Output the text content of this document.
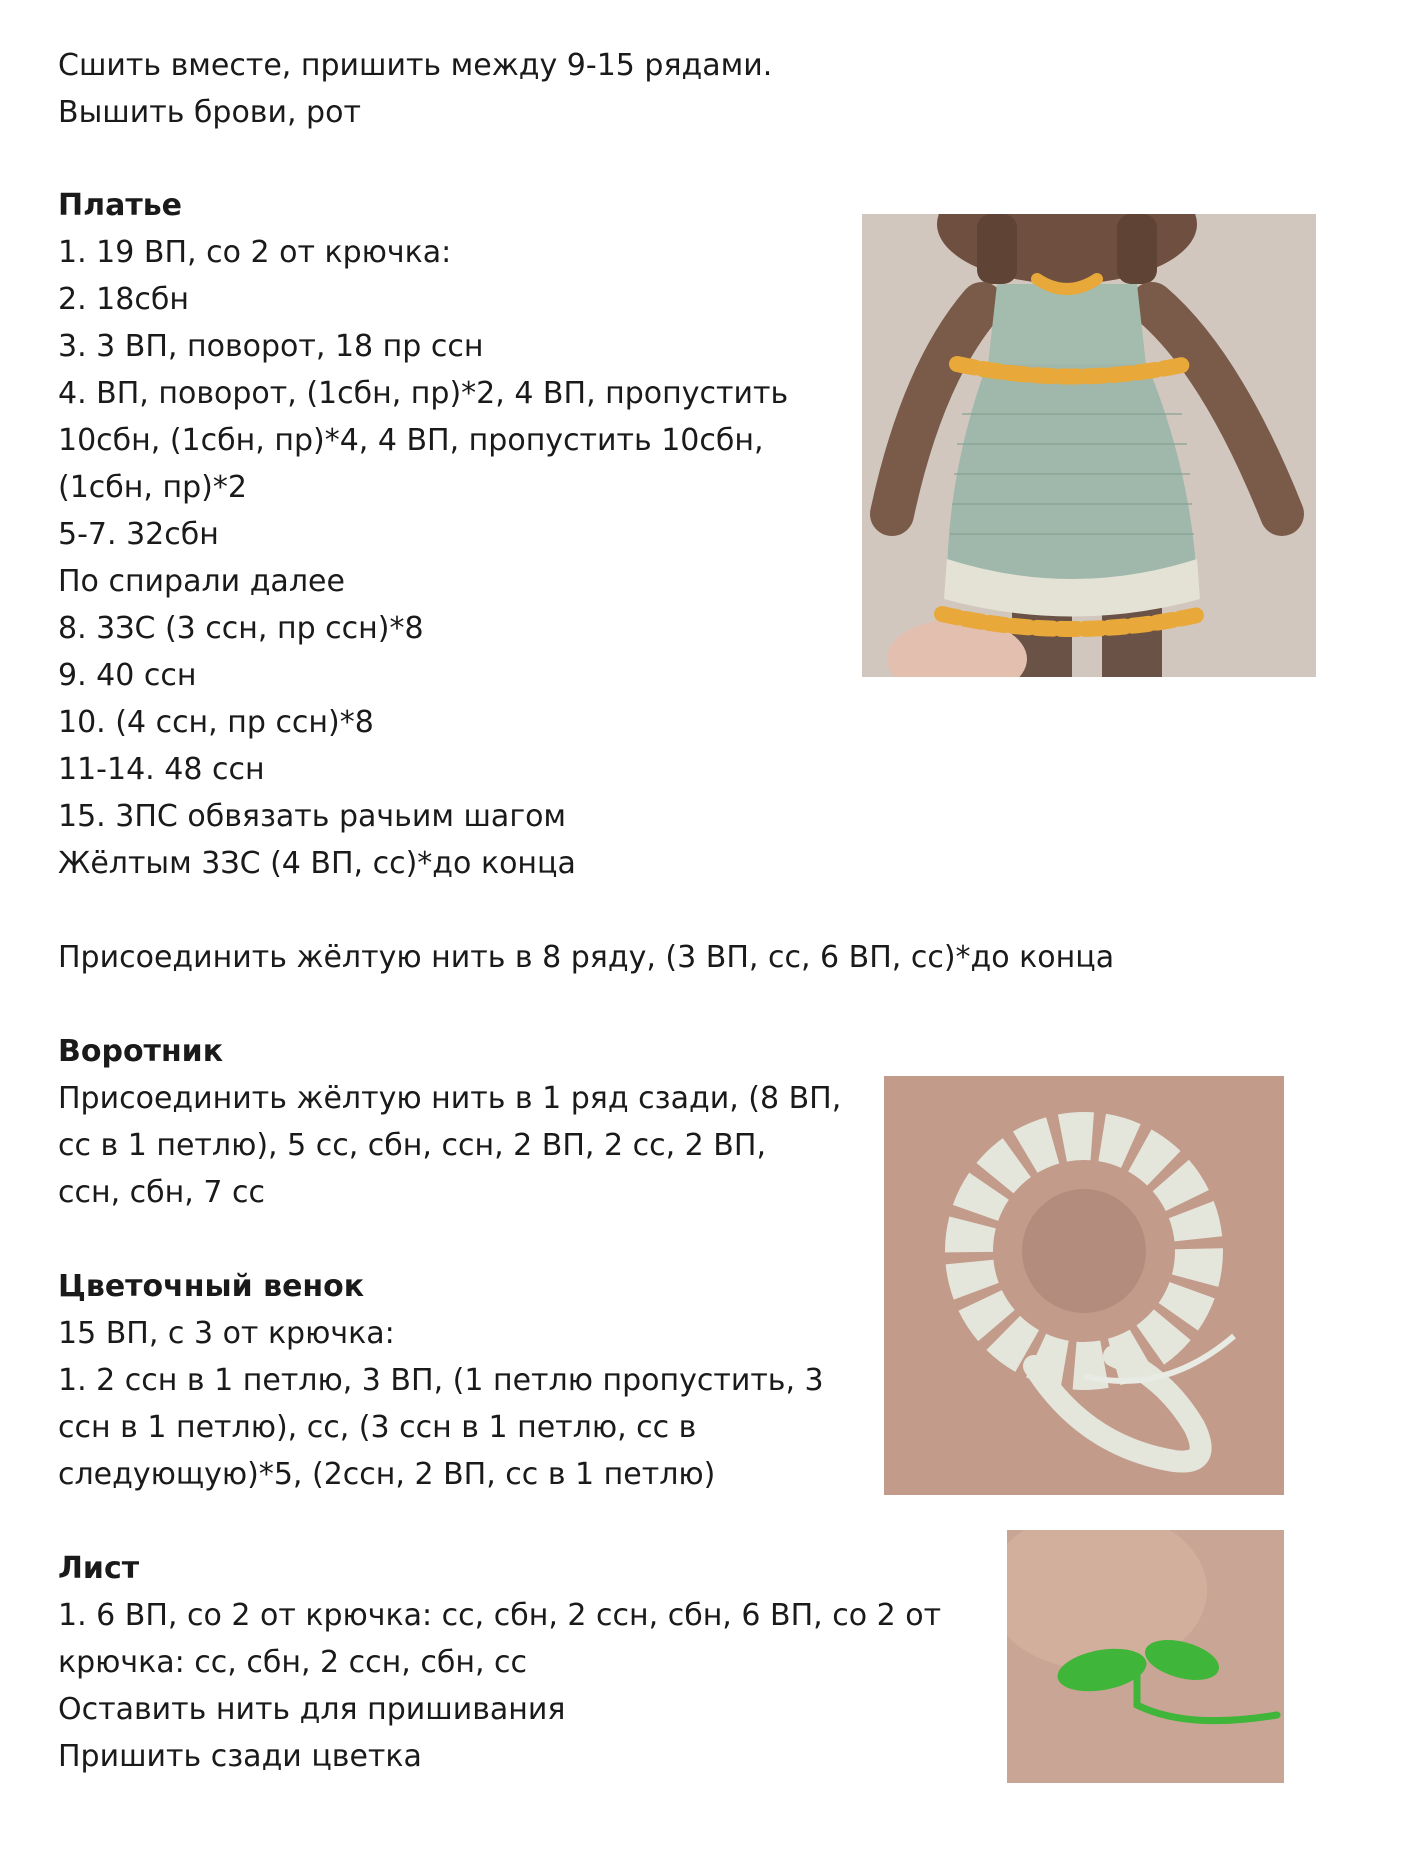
Сшить вместе, пришить между 9-15 рядами.
Вышить брови, рот
Платье
1. 19 ВП, со 2 от крючка:
2. 18сбн
3. 3 ВП, поворот, 18 пр ссн
4. ВП, поворот, (1сбн, пр)*2, 4 ВП, пропустить
10сбн, (1сбн, пр)*4, 4 ВП, пропустить 10сбн,
(1сбн, пр)*2
5-7. 32сбн
По спирали далее
8. 3ЗС (3 ссн, пр ссн)*8
9. 40 ссн
10. (4 ссн, пр ссн)*8
11-14. 48 ссн
15. 3ПС обвязать рачьим шагом
Жёлтым 3ЗС (4 ВП, сс)*до конца
Присоединить жёлтую нить в 8 ряду, (3 ВП, сс, 6 ВП, сс)*до конца
Воротник
Присоединить жёлтую нить в 1 ряд сзади, (8 ВП,
сс в 1 петлю), 5 сс, сбн, ссн, 2 ВП, 2 сс, 2 ВП,
ссн, сбн, 7 сс
Цветочный венок
15 ВП, с 3 от крючка:
1. 2 ссн в 1 петлю, 3 ВП, (1 петлю пропустить, 3
ссн в 1 петлю), сс, (3 ссн в 1 петлю, сс в
следующую)*5, (2ссн, 2 ВП, сс в 1 петлю)
Лист
1. 6 ВП, со 2 от крючка: сс, сбн, 2 ссн, сбн, 6 ВП, со 2 от
крючка: сс, сбн, 2 ссн, сбн, сс
Оставить нить для пришивания
Пришить сзади цветка
